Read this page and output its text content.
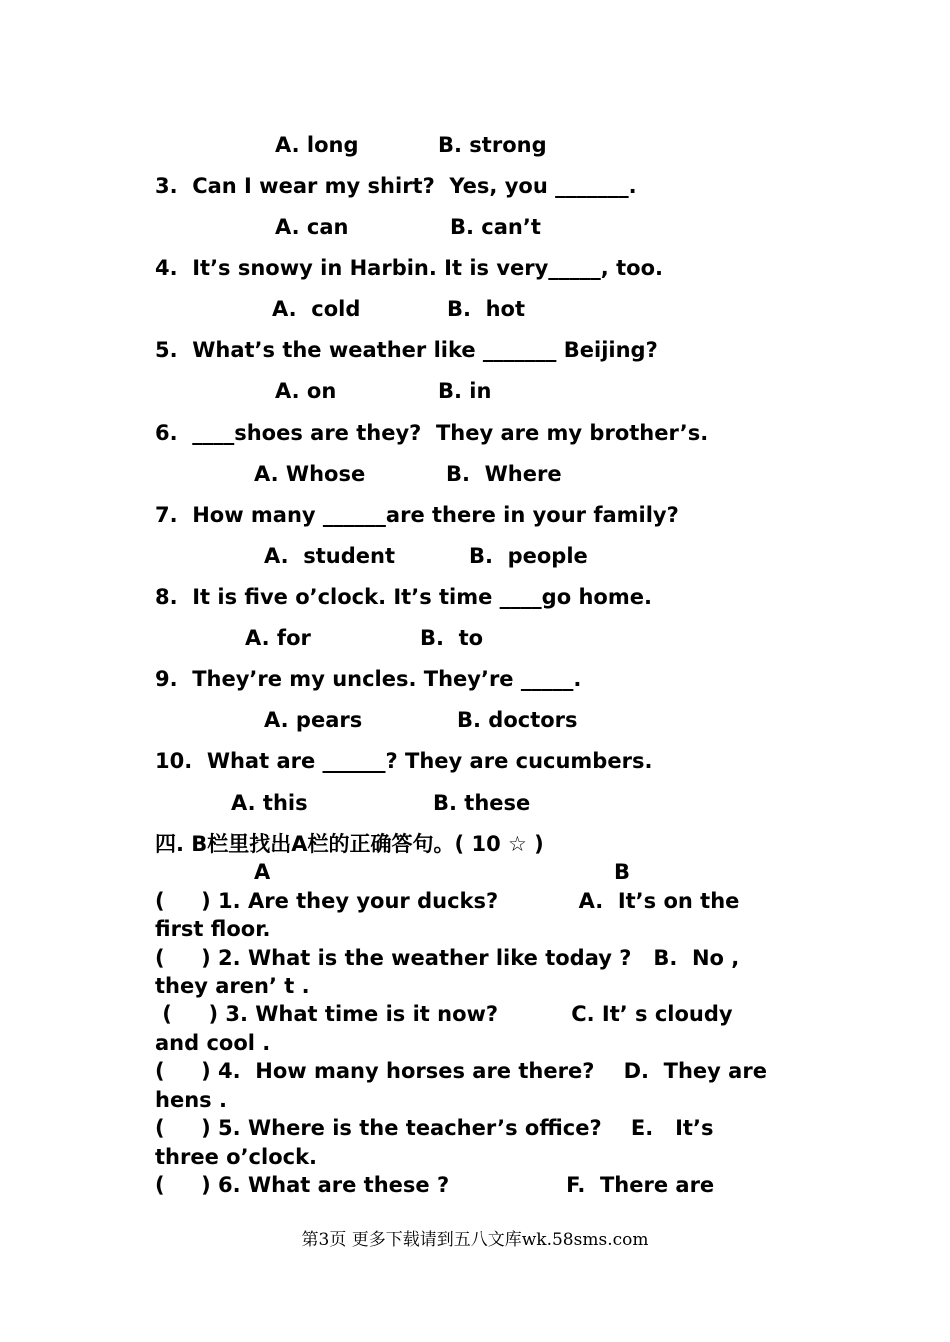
A. long	B. strong
3.  Can I wear my shirt?  Yes, you _______.
A. can	B. can’t
4.  It’s snowy in Harbin. It is very_____, too.
A.  cold	B.  hot
5.  What’s the weather like _______ Beijing?
A. on	B. in
6.  ____shoes are they?  They are my brother’s.
A. Whose	B.  Where
7.  How many ______are there in your family?
A.  student	B.  people
8.  It is five o’clock. It’s time ____go home.
A. for	B.  to
9.  They’re my uncles. They’re _____.
A. pears	B. doctors
10.  What are ______? They are cucumbers.
A. this	B. these
四. B栏里找出A栏的正确答句。( 10 ☆ )
A	B
(     ) 1. Are they your ducks?           A.  It’s on the
first floor.
(     ) 2. What is the weather like today ?   B.  No ,
they aren’ t .
(     ) 3. What time is it now?          C. It’ s cloudy
and cool .
(     ) 4.  How many horses are there?    D.  They are
hens .
(     ) 5. Where is the teacher’s office?    E.   It’s
three o’clock.
(     ) 6. What are these ?                F.  There are
第3页 更多下载请到五八文库wk.58sms.com
